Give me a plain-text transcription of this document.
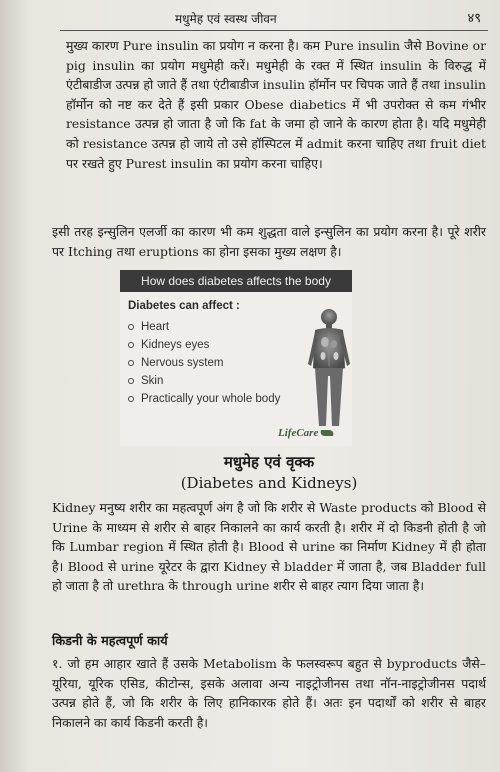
मधुमेह एवं स्वस्थ जीवन	४९
मुख्य कारण Pure insulin का प्रयोग न करना है। कम Pure insulin जैसे Bovine or pig insulin का प्रयोग मधुमेही करें। मधुमेही के रक्त में स्थित insulin के विरुद्ध में एंटीबाडीज उत्पन्न हो जाते हैं तथा एंटीबाडीज insulin हॉर्मोन पर चिपक जाते हैं तथा insulin हॉर्मोन को नष्ट कर देते हैं इसी प्रकार Obese diabetics में भी उपरोक्त से कम गंभीर resistance उत्पन्न हो जाता है जो कि fat के जमा हो जाने के कारण होता है। यदि मधुमेही को resistance उत्पन्न हो जाये तो उसे हॉस्पिटल में admit करना चाहिए तथा fruit diet पर रखते हुए Purest insulin का प्रयोग करना चाहिए।
इसी तरह इन्सुलिन एलर्जी का कारण भी कम शुद्धता वाले इन्सुलिन का प्रयोग करना है। पूरे शरीर पर Itching तथा eruptions का होना इसका मुख्य लक्षण है।
How does diabetes affects the body
Diabetes can affect :
Heart
Kidneys eyes
Nervous system
Skin
Practically your whole body
LifeCare
मधुमेह एवं वृक्क
(Diabetes and Kidneys)
Kidney मनुष्य शरीर का महत्वपूर्ण अंग है जो कि शरीर से Waste products को Blood से Urine के माध्यम से शरीर से बाहर निकालने का कार्य करती है। शरीर में दो किडनी होती है जो कि Lumbar region में स्थित होती है। Blood से urine का निर्माण Kidney में ही होता है। Blood से urine यूरेटर के द्वारा Kidney से bladder में जाता है, जब Bladder full हो जाता है तो urethra के through urine शरीर से बाहर त्याग दिया जाता है।
किडनी के महत्वपूर्ण कार्य
१. जो हम आहार खाते हैं उसके Metabolism के फलस्वरूप बहुत से byproducts जैसे–यूरिया, यूरिक एसिड, कीटोन्स, इसके अलावा अन्य नाइट्रोजीनस तथा नॉन-नाइट्रोजीनस पदार्थ उत्पन्न होते हैं, जो कि शरीर के लिए हानिकारक होते हैं। अतः इन पदार्थों को शरीर से बाहर निकालने का कार्य किडनी करती है।
